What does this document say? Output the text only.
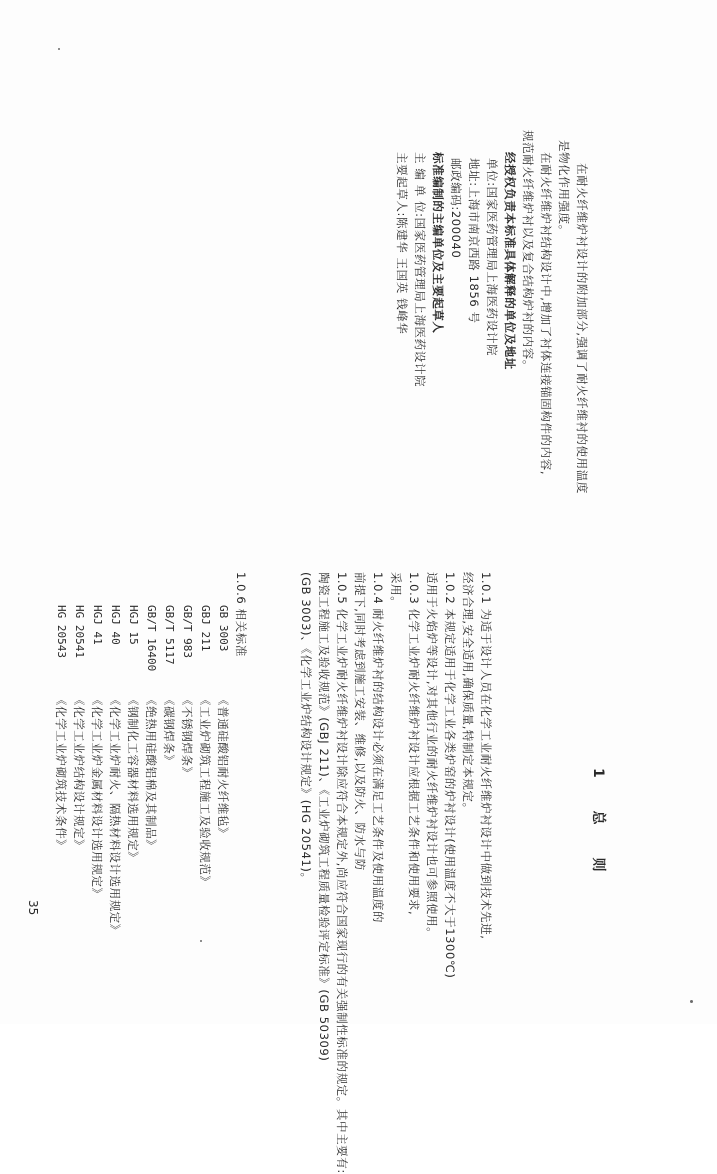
在耐火纤维炉衬设计的附加部分,强调了耐火纤维衬的使用温度
是物化作用强度。
在耐火纤维炉衬结构设计中,增加了衬体连接锚固构件的内容,
规范耐火纤维炉衬以及复合结构炉衬的内容。
经授权负责本标准具体解释的单位及地址
单位:国家医药管理局上海医药设计院
地址:上海市南京西路 1856 号
邮政编码:200040
标准编制的主编单位及主要起草人
主 编 单 位:国家医药管理局上海医药设计院
主要起草人:陈建华 王国英 钱峰华
1 总 则
1.0.1 为适于设计人员在化学工业耐火纤维炉衬设计中做到技术先进,
经济合理,安全适用,确保质量,特制定本规定。
1.0.2 本规定适用于化学工业各类炉窑的炉衬设计(使用温度不大于1300℃)
适用于火焰炉等设计,对其他行业的耐火纤维炉衬设计也可参照使用。
1.0.3 化学工业炉耐火纤维炉衬设计应根据工艺条件和使用要求,
采用。
1.0.4 耐火纤维炉衬的结构设计必须在满足工艺条件及使用温度的
前提下,同时考虑到施工安装、维修,以及防火、防水与防
1.0.5 化学工业炉耐火纤维炉衬设计除应符合本规定外,尚应符合国家现行的有关强制性标准的规定。其中主要有:
陶瓷工程施工及验收规范》(GBJ 211)、《工业炉砌筑工程质量检验评定标准》(GB 50309)
(GB 3003)、《化学工业炉结构设计规定》(HG 20541)。
1.0.6 相关标准
GB 3003
《普通硅酸铝耐火纤维毡》
GBJ 211
《工业炉砌筑工程施工及验收规范》
GB/T 983
《不锈钢焊条》
GB/T 5117
《碳钢焊条》
GB/T 16400
《绝热用硅酸铝棉及其制品》
HGJ 15
《钢制化工容器材料选用规定》
HGJ 40
《化学工业炉耐火、隔热材料设计选用规定》
HGJ 41
《化学工业炉金属材料设计选用规定》
HG 20541
《化学工业炉结构设计规定》
HG 20543
《化学工业炉砌筑技术条件》
35
